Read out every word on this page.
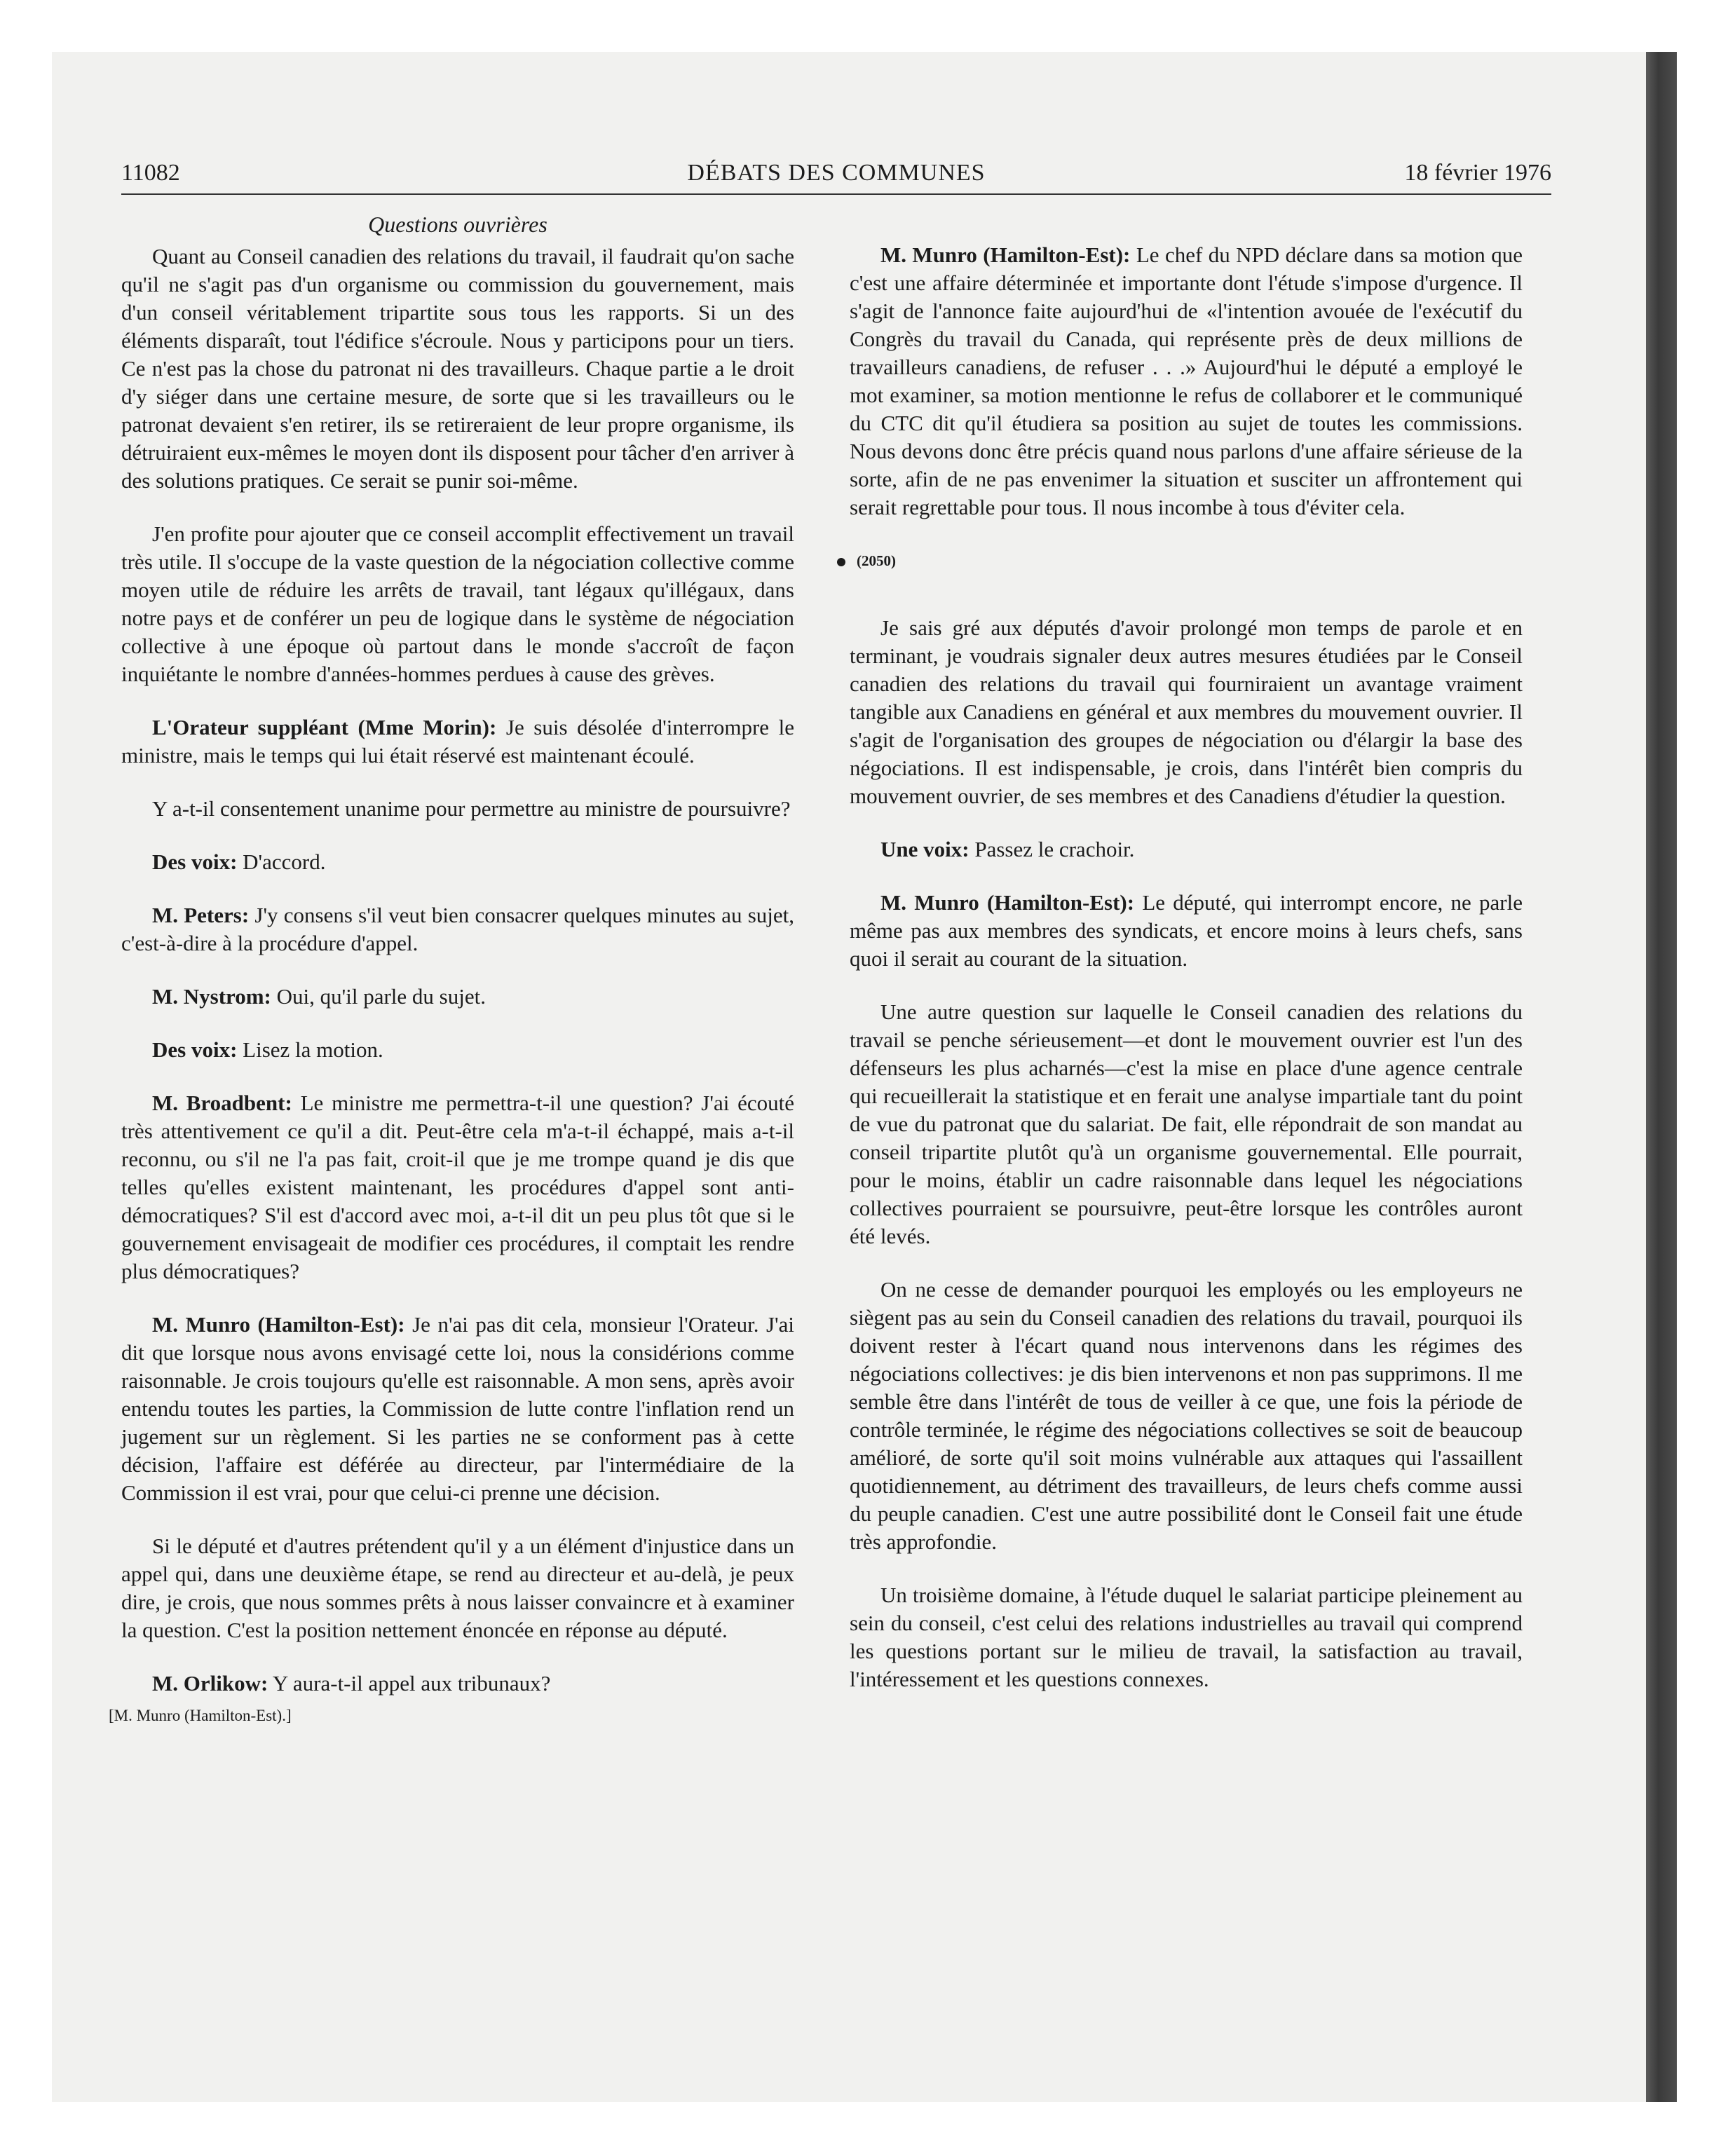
DÉBATS DES COMMUNES
11082	18 février 1976
Questions ouvrières

Quant au Conseil canadien des relations du travail, il faudrait qu'on sache qu'il ne s'agit pas d'un organisme ou commission du gouvernement, mais d'un conseil véritablement tripartite sous tous les rapports. Si un des éléments disparaît, tout l'édifice s'écroule. Nous y participons pour un tiers. Ce n'est pas la chose du patronat ni des travailleurs. Chaque partie a le droit d'y siéger dans une certaine mesure, de sorte que si les travailleurs ou le patronat devaient s'en retirer, ils se retireraient de leur propre organisme, ils détruiraient eux-mêmes le moyen dont ils disposent pour tâcher d'en arriver à des solutions pratiques. Ce serait se punir soi-même.

J'en profite pour ajouter que ce conseil accomplit effectivement un travail très utile. Il s'occupe de la vaste question de la négociation collective comme moyen utile de réduire les arrêts de travail, tant légaux qu'illégaux, dans notre pays et de conférer un peu de logique dans le système de négociation collective à une époque où partout dans le monde s'accroît de façon inquiétante le nombre d'années-hommes perdues à cause des grèves.

L'Orateur suppléant (Mme Morin): Je suis désolée d'interrompre le ministre, mais le temps qui lui était réservé est maintenant écoulé.

Y a-t-il consentement unanime pour permettre au ministre de poursuivre?

Des voix: D'accord.

M. Peters: J'y consens s'il veut bien consacrer quelques minutes au sujet, c'est-à-dire à la procédure d'appel.

M. Nystrom: Oui, qu'il parle du sujet.

Des voix: Lisez la motion.

M. Broadbent: Le ministre me permettra-t-il une question? J'ai écouté très attentivement ce qu'il a dit. Peut-être cela m'a-t-il échappé, mais a-t-il reconnu, ou s'il ne l'a pas fait, croit-il que je me trompe quand je dis que telles qu'elles existent maintenant, les procédures d'appel sont anti-démocratiques? S'il est d'accord avec moi, a-t-il dit un peu plus tôt que si le gouvernement envisageait de modifier ces procédures, il comptait les rendre plus démocratiques?

M. Munro (Hamilton-Est): Je n'ai pas dit cela, monsieur l'Orateur. J'ai dit que lorsque nous avons envisagé cette loi, nous la considérions comme raisonnable. Je crois toujours qu'elle est raisonnable. A mon sens, après avoir entendu toutes les parties, la Commission de lutte contre l'inflation rend un jugement sur un règlement. Si les parties ne se conforment pas à cette décision, l'affaire est déférée au directeur, par l'intermédiaire de la Commission il est vrai, pour que celui-ci prenne une décision.

Si le député et d'autres prétendent qu'il y a un élément d'injustice dans un appel qui, dans une deuxième étape, se rend au directeur et au-delà, je peux dire, je crois, que nous sommes prêts à nous laisser convaincre et à examiner la question. C'est la position nettement énoncée en réponse au député.

M. Orlikow: Y aura-t-il appel aux tribunaux?

[M. Munro (Hamilton-Est).]

M. Munro (Hamilton-Est): Le chef du NPD déclare dans sa motion que c'est une affaire déterminée et importante dont l'étude s'impose d'urgence. Il s'agit de l'annonce faite aujourd'hui de «l'intention avouée de l'exécutif du Congrès du travail du Canada, qui représente près de deux millions de travailleurs canadiens, de refuser . . .» Aujourd'hui le député a employé le mot examiner, sa motion mentionne le refus de collaborer et le communiqué du CTC dit qu'il étudiera sa position au sujet de toutes les commissions. Nous devons donc être précis quand nous parlons d'une affaire sérieuse de la sorte, afin de ne pas envenimer la situation et susciter un affrontement qui serait regrettable pour tous. Il nous incombe à tous d'éviter cela.

(2050)

Je sais gré aux députés d'avoir prolongé mon temps de parole et en terminant, je voudrais signaler deux autres mesures étudiées par le Conseil canadien des relations du travail qui fourniraient un avantage vraiment tangible aux Canadiens en général et aux membres du mouvement ouvrier. Il s'agit de l'organisation des groupes de négociation ou d'élargir la base des négociations. Il est indispensable, je crois, dans l'intérêt bien compris du mouvement ouvrier, de ses membres et des Canadiens d'étudier la question.

Une voix: Passez le crachoir.

M. Munro (Hamilton-Est): Le député, qui interrompt encore, ne parle même pas aux membres des syndicats, et encore moins à leurs chefs, sans quoi il serait au courant de la situation.

Une autre question sur laquelle le Conseil canadien des relations du travail se penche sérieusement—et dont le mouvement ouvrier est l'un des défenseurs les plus acharnés—c'est la mise en place d'une agence centrale qui recueillerait la statistique et en ferait une analyse impartiale tant du point de vue du patronat que du salariat. De fait, elle répondrait de son mandat au conseil tripartite plutôt qu'à un organisme gouvernemental. Elle pourrait, pour le moins, établir un cadre raisonnable dans lequel les négociations collectives pourraient se poursuivre, peut-être lorsque les contrôles auront été levés.

On ne cesse de demander pourquoi les employés ou les employeurs ne siègent pas au sein du Conseil canadien des relations du travail, pourquoi ils doivent rester à l'écart quand nous intervenons dans les régimes des négociations collectives: je dis bien intervenons et non pas supprimons. Il me semble être dans l'intérêt de tous de veiller à ce que, une fois la période de contrôle terminée, le régime des négociations collectives se soit de beaucoup amélioré, de sorte qu'il soit moins vulnérable aux attaques qui l'assaillent quotidiennement, au détriment des travailleurs, de leurs chefs comme aussi du peuple canadien. C'est une autre possibilité dont le Conseil fait une étude très approfondie.

Un troisième domaine, à l'étude duquel le salariat participe pleinement au sein du conseil, c'est celui des relations industrielles au travail qui comprend les questions portant sur le milieu de travail, la satisfaction au travail, l'intéressement et les questions connexes.
